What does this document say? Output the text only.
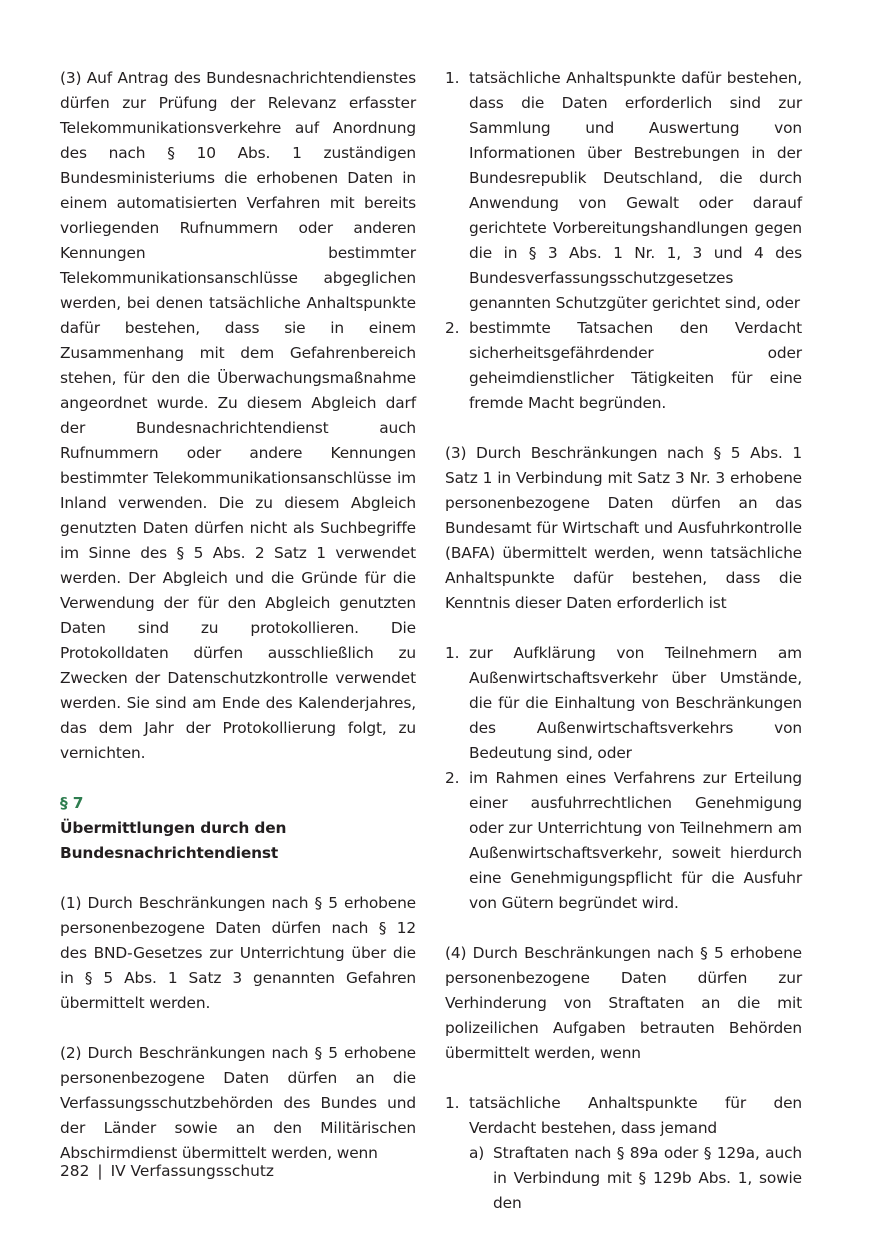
(3) Auf Antrag des Bundesnachrichtendienstes dürfen zur Prüfung der Relevanz erfasster Telekommunikationsverkehre auf Anordnung des nach § 10 Abs. 1 zuständigen Bundesministeriums die erhobenen Daten in einem automatisierten Verfahren mit bereits vorliegenden Rufnummern oder anderen Kennungen bestimmter Telekommunikationsanschlüsse abgeglichen werden, bei denen tatsächliche Anhaltspunkte dafür bestehen, dass sie in einem Zusammenhang mit dem Gefahrenbereich stehen, für den die Überwachungsmaßnahme angeordnet wurde. Zu diesem Abgleich darf der Bundesnachrichtendienst auch Rufnummern oder andere Kennungen bestimmter Telekommunikationsanschlüsse im Inland verwenden. Die zu diesem Abgleich genutzten Daten dürfen nicht als Suchbegriffe im Sinne des § 5 Abs. 2 Satz 1 verwendet werden. Der Abgleich und die Gründe für die Verwendung der für den Abgleich genutzten Daten sind zu protokollieren. Die Protokolldaten dürfen ausschließlich zu Zwecken der Datenschutzkontrolle verwendet werden. Sie sind am Ende des Kalenderjahres, das dem Jahr der Protokollierung folgt, zu vernichten.

§ 7

Übermittlungen durch den Bundesnachrichtendienst

(1) Durch Beschränkungen nach § 5 erhobene personenbezogene Daten dürfen nach § 12 des BND-Gesetzes zur Unterrichtung über die in § 5 Abs. 1 Satz 3 genannten Gefahren übermittelt werden.

(2) Durch Beschränkungen nach § 5 erhobene personenbezogene Daten dürfen an die Verfassungsschutzbehörden des Bundes und der Länder sowie an den Militärischen Abschirmdienst übermittelt werden, wenn

1. tatsächliche Anhaltspunkte dafür bestehen, dass die Daten erforderlich sind zur Sammlung und Auswertung von Informationen über Bestrebungen in der Bundesrepublik Deutschland, die durch Anwendung von Gewalt oder darauf gerichtete Vorbereitungshandlungen gegen die in § 3 Abs. 1 Nr. 1, 3 und 4 des Bundesverfassungsschutzgesetzes genannten Schutzgüter gerichtet sind, oder
2. bestimmte Tatsachen den Verdacht sicherheitsgefährdender oder geheimdienstlicher Tätigkeiten für eine fremde Macht begründen.

(3) Durch Beschränkungen nach § 5 Abs. 1 Satz 1 in Verbindung mit Satz 3 Nr. 3 erhobene personenbezogene Daten dürfen an das Bundesamt für Wirtschaft und Ausfuhrkontrolle (BAFA) übermittelt werden, wenn tatsächliche Anhaltspunkte dafür bestehen, dass die Kenntnis dieser Daten erforderlich ist

1. zur Aufklärung von Teilnehmern am Außenwirtschaftsverkehr über Umstände, die für die Einhaltung von Beschränkungen des Außenwirtschaftsverkehrs von Bedeutung sind, oder
2. im Rahmen eines Verfahrens zur Erteilung einer ausfuhrrechtlichen Genehmigung oder zur Unterrichtung von Teilnehmern am Außenwirtschaftsverkehr, soweit hierdurch eine Genehmigungspflicht für die Ausfuhr von Gütern begründet wird.

(4) Durch Beschränkungen nach § 5 erhobene personenbezogene Daten dürfen zur Verhinderung von Straftaten an die mit polizeilichen Aufgaben betrauten Behörden übermittelt werden, wenn

1. tatsächliche Anhaltspunkte für den Verdacht bestehen, dass jemand
a) Straftaten nach § 89a oder § 129a, auch in Verbindung mit § 129b Abs. 1, sowie den
282 | IV Verfassungsschutz
